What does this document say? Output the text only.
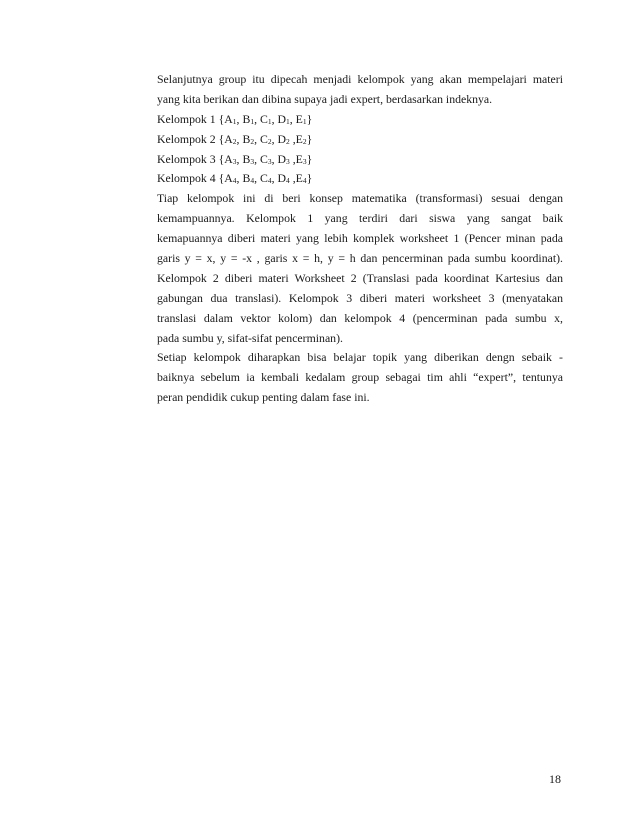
Selanjutnya group itu dipecah menjadi kelompok yang akan mempelajari materi
yang kita berikan dan dibina supaya jadi expert, berdasarkan indeknya.
Kelompok 1 {$A_1$, $B_1$, $C_1$, $D_1$, $E_1$}
Kelompok 2 {$A_2$, $B_2$, $C_2$, $D_2$ $,E_2$}
Kelompok 3 {$A_3$, $B_3$, $C_3$, $D_3$ $,E_3$}
Kelompok 4 {$A_4$, $B_4$, $C_4$, $D_4$ $,E_4$}
Tiap kelompok ini di beri konsep matematika (transformasi) sesuai dengan
kemampuannya. Kelompok 1 yang terdiri dari siswa yang sangat baik
kemapuannya diberi materi yang lebih komplek worksheet 1 (Pencer minan pada
garis y = x, y = -x , garis x = h, y = h dan pencerminan pada sumbu koordinat).
Kelompok 2 diberi materi Worksheet 2 (Translasi pada koordinat Kartesius dan
gabungan dua translasi). Kelompok 3 diberi materi worksheet 3 (menyatakan
translasi dalam vektor kolom) dan kelompok 4 (pencerminan pada sumbu x,
pada sumbu y, sifat-sifat pencerminan).
Setiap kelompok diharapkan bisa belajar topik yang diberikan dengn sebaik -
baiknya sebelum ia kembali kedalam group sebagai tim ahli “expert”, tentunya
peran pendidik cukup penting dalam fase ini.
18
